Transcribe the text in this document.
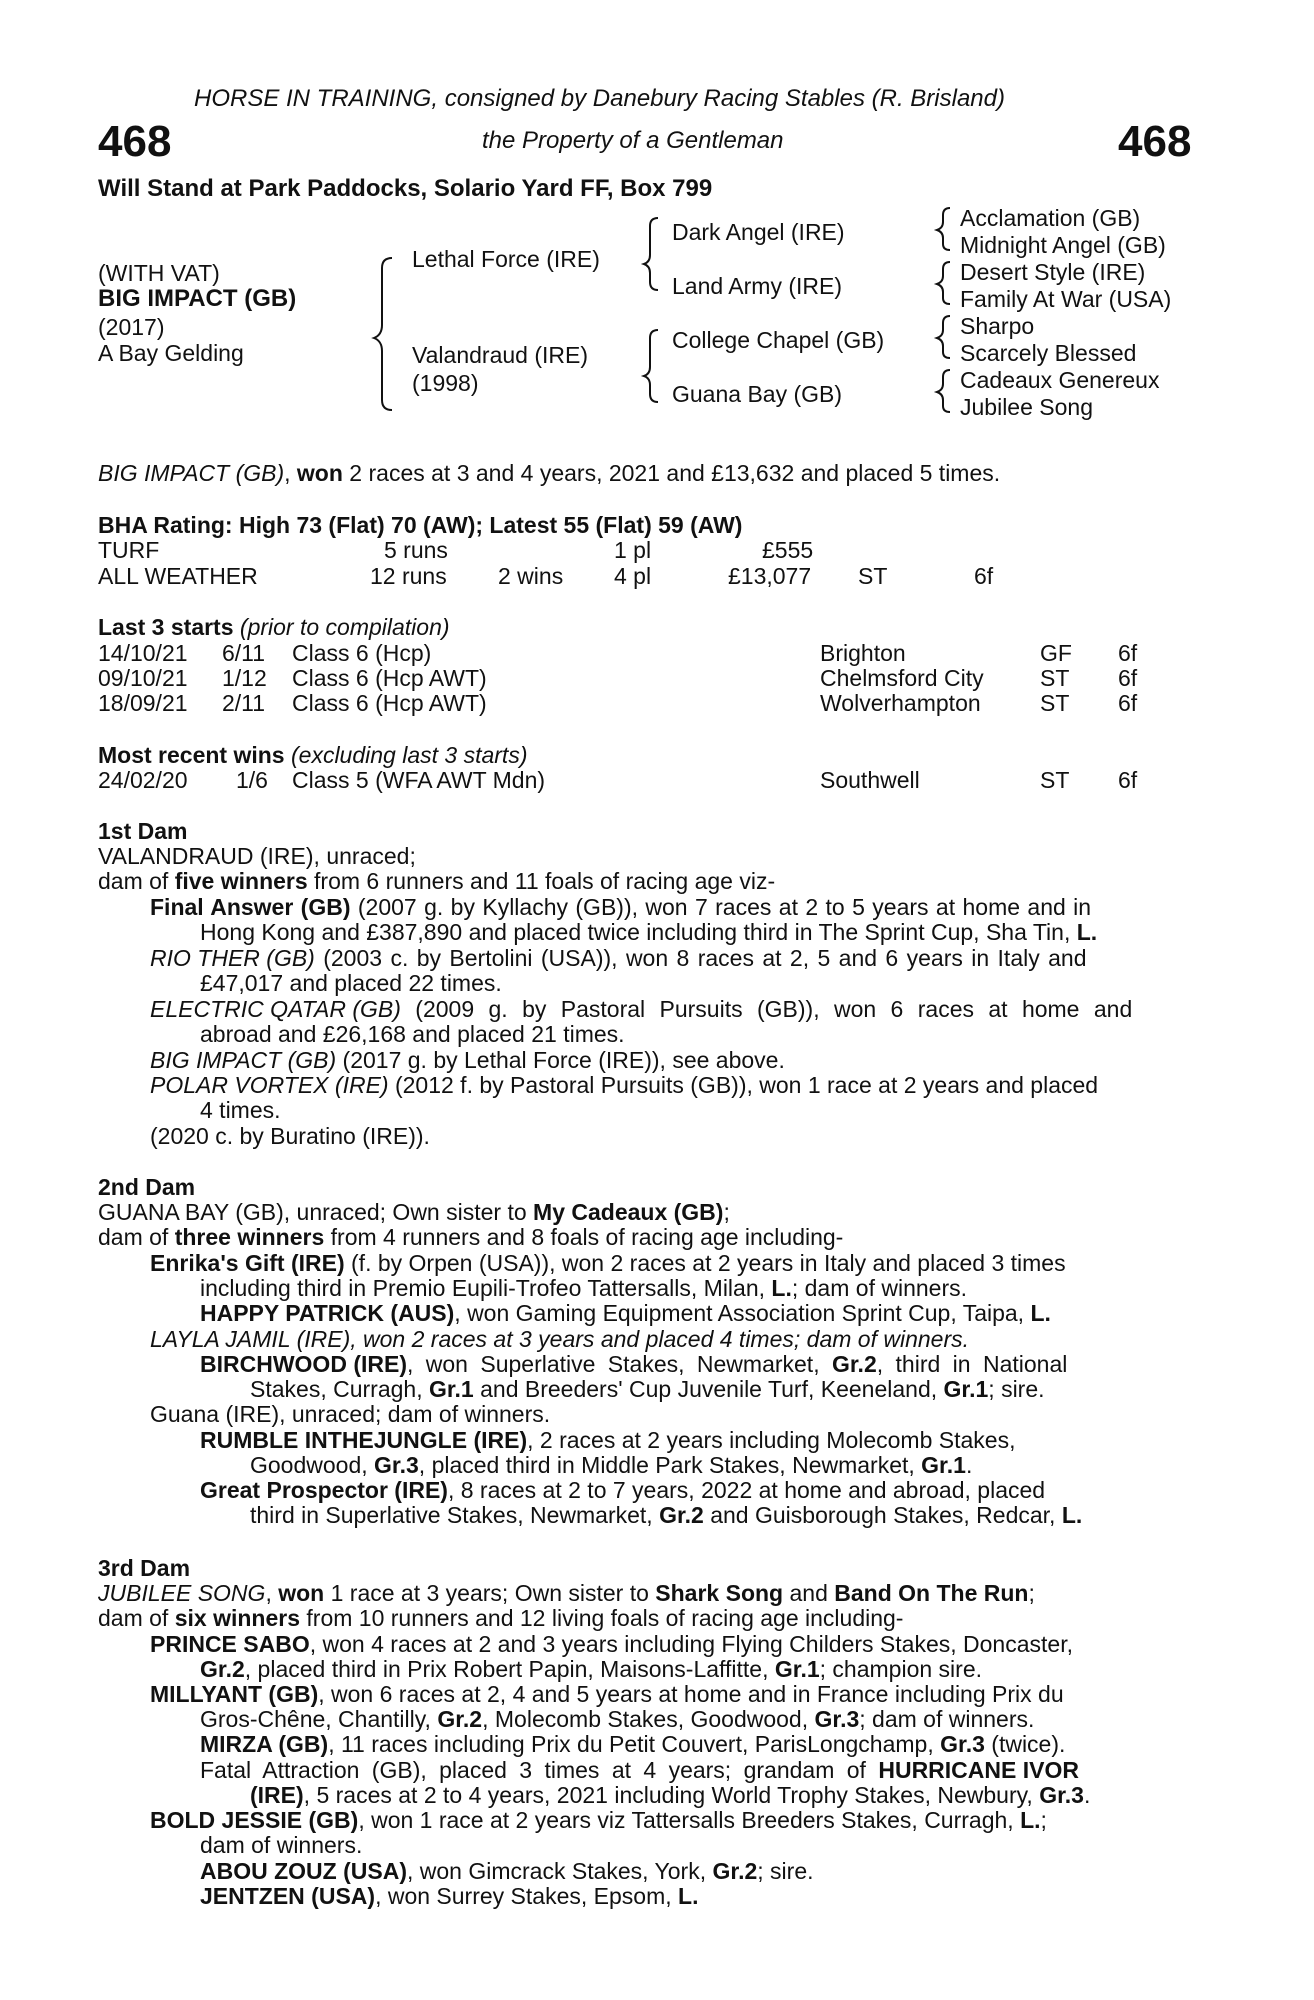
HORSE IN TRAINING, consigned by Danebury Racing Stables (R. Brisland)
468	the Property of a Gentleman	468
Will Stand at Park Paddocks, Solario Yard FF, Box 799
(WITH VAT)
BIG IMPACT (GB)
(2017)
A Bay Gelding
Lethal Force (IRE)
Valandraud (IRE)
(1998)
Dark Angel (IRE)
Land Army (IRE)
College Chapel (GB)
Guana Bay (GB)
Acclamation (GB)
Midnight Angel (GB)
Desert Style (IRE)
Family At War (USA)
Sharpo
Scarcely Blessed
Cadeaux Genereux
Jubilee Song
BIG IMPACT (GB), won 2 races at 3 and 4 years, 2021 and £13,632 and placed 5 times.
BHA Rating: High 73 (Flat) 70 (AW); Latest 55 (Flat) 59 (AW)
TURF	5 runs	1 pl	£555
ALL WEATHER	12 runs 2 wins 4 pl	£13,077 ST	6f
Last 3 starts (prior to compilation)
14/10/21 6/11 Class 6 (Hcp)	Brighton	GF 6f
09/10/21 1/12 Class 6 (Hcp AWT)	Chelmsford City ST 6f
18/09/21 2/11 Class 6 (Hcp AWT)	Wolverhampton	ST 6f
Most recent wins (excluding last 3 starts)
24/02/20 1/6 Class 5 (WFA AWT Mdn)	Southwell	ST 6f
1st Dam
VALANDRAUD (IRE), unraced;
dam of five winners from 6 runners and 11 foals of racing age viz-
Final Answer (GB) (2007 g. by Kyllachy (GB)), won 7 races at 2 to 5 years at home and in
Hong Kong and £387,890 and placed twice including third in The Sprint Cup, Sha Tin, L.
RIO THER (GB) (2003 c. by Bertolini (USA)), won 8 races at 2, 5 and 6 years in Italy and
£47,017 and placed 22 times.
ELECTRIC QATAR (GB) (2009 g. by Pastoral Pursuits (GB)), won 6 races at home and
abroad and £26,168 and placed 21 times.
BIG IMPACT (GB) (2017 g. by Lethal Force (IRE)), see above.
POLAR VORTEX (IRE) (2012 f. by Pastoral Pursuits (GB)), won 1 race at 2 years and placed
4 times.
(2020 c. by Buratino (IRE)).
2nd Dam
GUANA BAY (GB), unraced; Own sister to My Cadeaux (GB);
dam of three winners from 4 runners and 8 foals of racing age including-
Enrika's Gift (IRE) (f. by Orpen (USA)), won 2 races at 2 years in Italy and placed 3 times
including third in Premio Eupili-Trofeo Tattersalls, Milan, L.; dam of winners.
HAPPY PATRICK (AUS), won Gaming Equipment Association Sprint Cup, Taipa, L.
LAYLA JAMIL (IRE), won 2 races at 3 years and placed 4 times; dam of winners.
BIRCHWOOD (IRE), won Superlative Stakes, Newmarket, Gr.2, third in National
Stakes, Curragh, Gr.1 and Breeders' Cup Juvenile Turf, Keeneland, Gr.1; sire.
Guana (IRE), unraced; dam of winners.
RUMBLE INTHEJUNGLE (IRE), 2 races at 2 years including Molecomb Stakes,
Goodwood, Gr.3, placed third in Middle Park Stakes, Newmarket, Gr.1.
Great Prospector (IRE), 8 races at 2 to 7 years, 2022 at home and abroad, placed
third in Superlative Stakes, Newmarket, Gr.2 and Guisborough Stakes, Redcar, L.
3rd Dam
JUBILEE SONG, won 1 race at 3 years; Own sister to Shark Song and Band On The Run;
dam of six winners from 10 runners and 12 living foals of racing age including-
PRINCE SABO, won 4 races at 2 and 3 years including Flying Childers Stakes, Doncaster,
Gr.2, placed third in Prix Robert Papin, Maisons-Laffitte, Gr.1; champion sire.
MILLYANT (GB), won 6 races at 2, 4 and 5 years at home and in France including Prix du
Gros-Chêne, Chantilly, Gr.2, Molecomb Stakes, Goodwood, Gr.3; dam of winners.
MIRZA (GB), 11 races including Prix du Petit Couvert, ParisLongchamp, Gr.3 (twice).
Fatal Attraction (GB), placed 3 times at 4 years; grandam of HURRICANE IVOR
(IRE), 5 races at 2 to 4 years, 2021 including World Trophy Stakes, Newbury, Gr.3.
BOLD JESSIE (GB), won 1 race at 2 years viz Tattersalls Breeders Stakes, Curragh, L.;
dam of winners.
ABOU ZOUZ (USA), won Gimcrack Stakes, York, Gr.2; sire.
JENTZEN (USA), won Surrey Stakes, Epsom, L.
